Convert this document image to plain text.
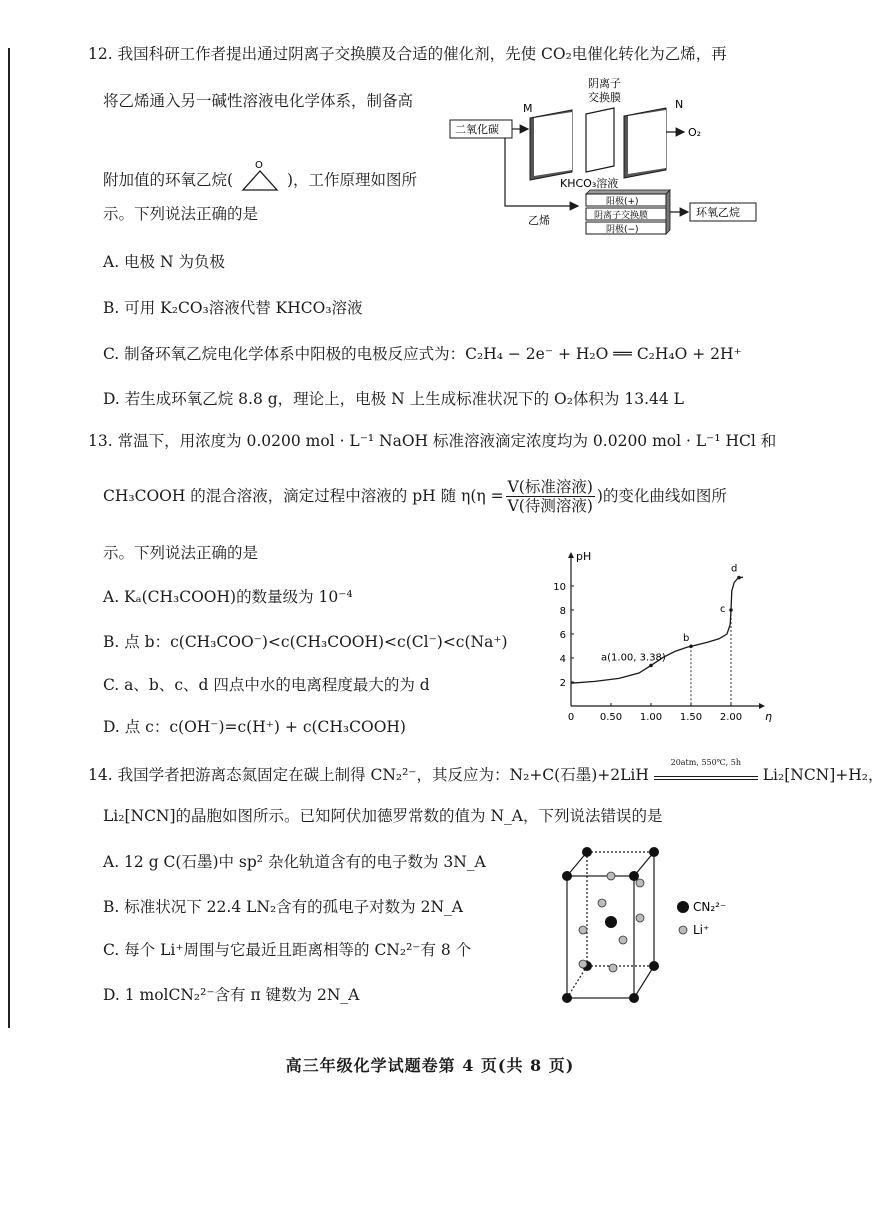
12. 我国科研工作者提出通过阴离子交换膜及合适的催化剂，先使 CO₂电催化转化为乙烯，再
将乙烯通入另一碱性溶液电化学体系，制备高
附加值的环氧乙烷(
O
)，工作原理如图所
示。下列说法正确的是
A. 电极 N 为负极
B. 可用 K₂CO₃溶液代替 KHCO₃溶液
C. 制备环氧乙烷电化学体系中阳极的电极反应式为：C₂H₄ − 2e⁻ + H₂O ══ C₂H₄O + 2H⁺
D. 若生成环氧乙烷 8.8 g，理论上，电极 N 上生成标准状况下的 O₂体积为 13.44 L
M	N
阴离子
交换膜
二氧化碳	O₂
KHCO₃溶液
乙烯
阳极(+)
阴离子交换膜
阴极(−)
环氧乙烷
13. 常温下，用浓度为 0.0200 mol · L⁻¹ NaOH 标准溶液滴定浓度均为 0.0200 mol · L⁻¹ HCl 和
CH₃COOH 的混合溶液，滴定过程中溶液的 pH 随 $\eta(\eta = \frac{\text{V(标准溶液)}}{\text{V(待测溶液)}}$ )的变化曲线如图所
示。下列说法正确的是
A. Kₐ(CH₃COOH)的数量级为 10⁻⁴
B. 点 b：c(CH₃COO⁻)<c(CH₃COOH)<c(Cl⁻)<c(Na⁺)
C. a、b、c、d 四点中水的电离程度最大的为 d
D. 点 c：c(OH⁻)=c(H⁺) + c(CH₃COOH)
pH
η
0	0.50 1.00 1.50 2.00
2
4
6
8
10
a(1.00, 3.38)
b
c
d
14. 我国学者把游离态氮固定在碳上制得 CN₂²⁻，其反应为：N₂+C(石墨)+2LiH
20atm, 550℃, 5h
Li₂[NCN]+H₂，
Li₂[NCN]的晶胞如图所示。已知阿伏加德罗常数的值为 N_A，下列说法错误的是
A. 12 g C(石墨)中 sp² 杂化轨道含有的电子数为 3N_A
B. 标准状况下 22.4 LN₂含有的孤电子对数为 2N_A
C. 每个 Li⁺周围与它最近且距离相等的 CN₂²⁻有 8 个
D. 1 molCN₂²⁻含有 π 键数为 2N_A
CN₂²⁻
Li⁺
高三年级化学试题卷第 4 页(共 8 页)
